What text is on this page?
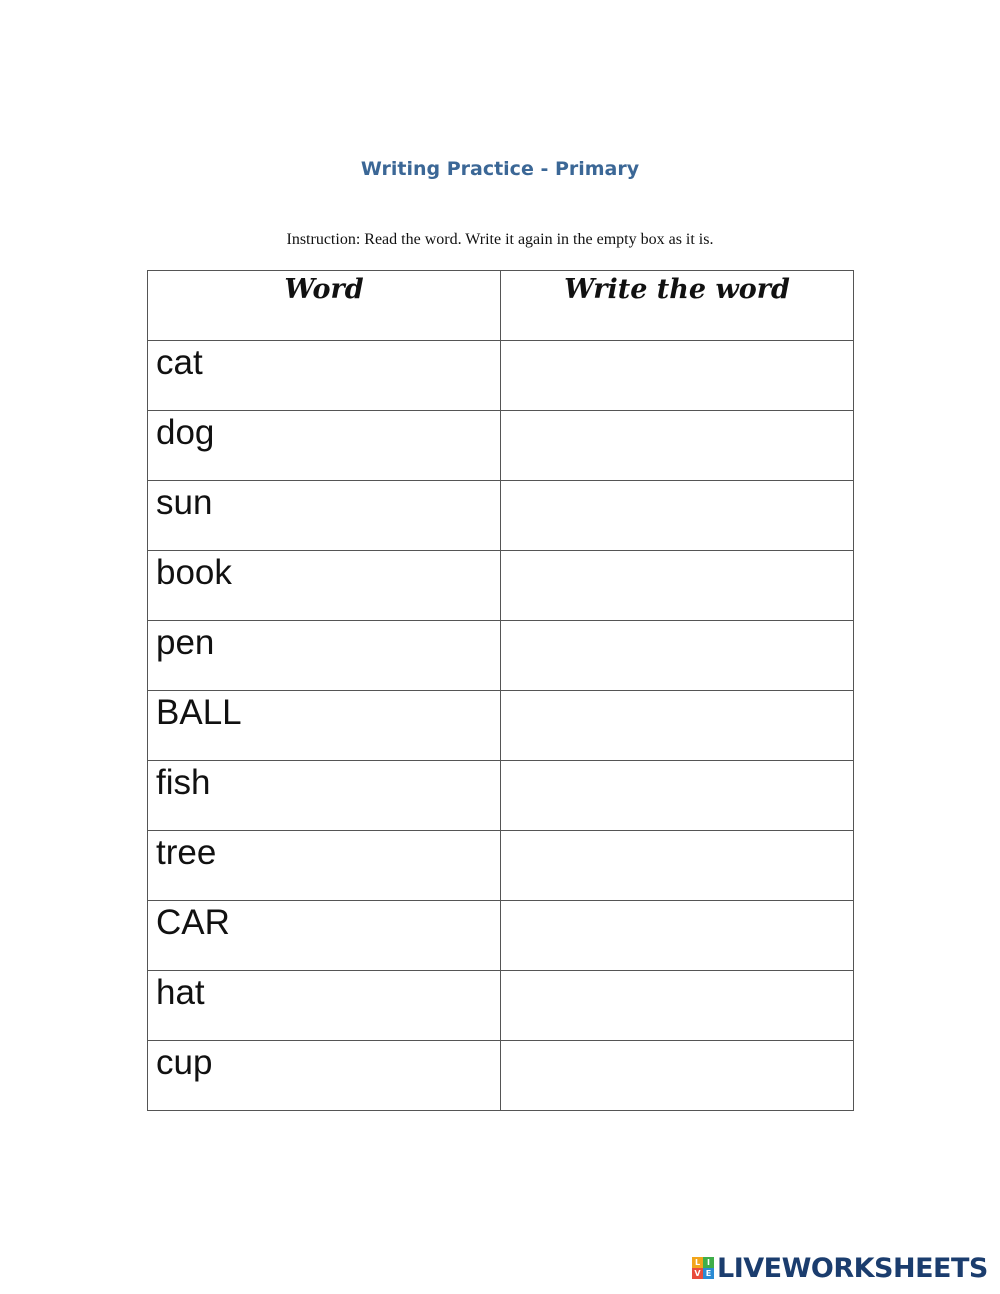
Writing Practice - Primary
Instruction: Read the word. Write it again in the empty box as it is.
Word	Write the word
cat	
dog	
sun	
book	
pen	
BALL	
fish	
tree	
CAR	
hat	
cup	
L I
V E LIVEWORKSHEETS
